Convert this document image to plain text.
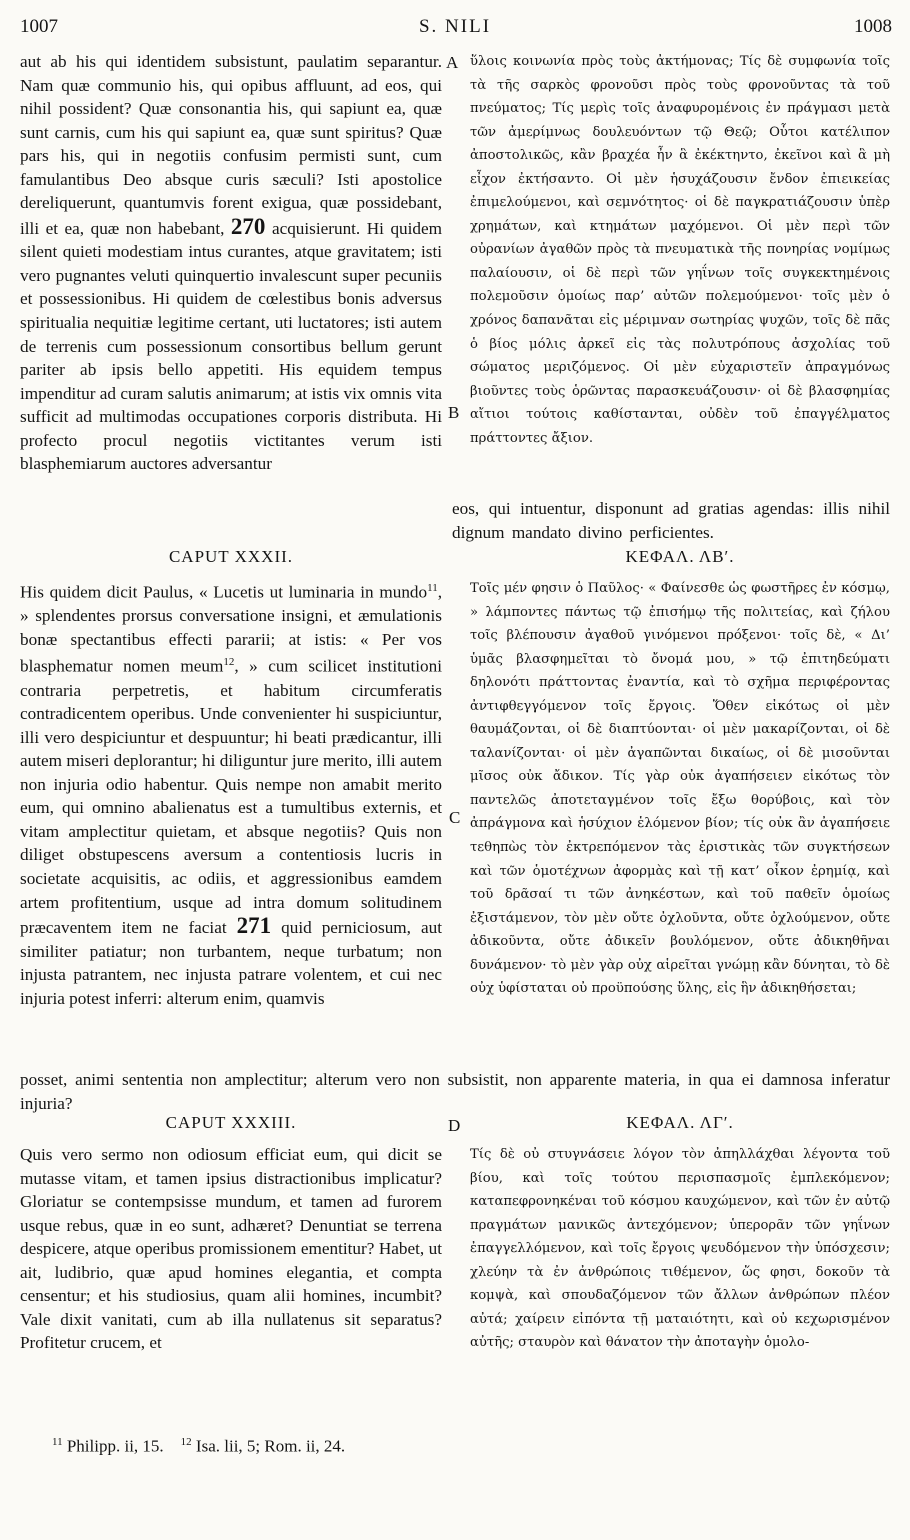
1007	S. NILI	1008
aut ab his qui identidem subsistunt, paulatim separantur. Nam quæ communio his, qui opibus affluunt, ad eos, qui nihil possident? Quæ consonantia his, qui sapiunt ea, quæ sunt carnis, cum his qui sapiunt ea, quæ sunt spiritus? Quæ pars his, qui in negotiis confusim permisti sunt, cum famulantibus Deo absque curis sæculi? Isti apostolice dereliquerunt, quantumvis forent exigua, quæ possidebant, illi et ea, quæ non habebant, 270 acquisierunt. Hi quidem silent quieti modestiam intus curantes, atque gravitatem; isti vero pugnantes veluti quinquertio invalescunt super pecuniis et possessionibus. Hi quidem de cœlestibus bonis adversus spiritualia nequitiæ legitime certant, uti luctatores; isti autem de terrenis cum possessionum consortibus bellum gerunt pariter ab ipsis bello appetiti. His equidem tempus impenditur ad curam salutis animarum; at istis vix omnis vita sufficit ad multimodas occupationes corporis distributa. Hi profecto procul negotiis victitantes verum isti blasphemiarum auctores adversantur
ὕλοις κοινωνία πρὸς τοὺς ἀκτήμονας; Τίς δὲ συμφωνία τοῖς τὰ τῆς σαρκὸς φρονοῦσι πρὸς τοὺς φρονοῦντας τὰ τοῦ πνεύματος; Τίς μερὶς τοῖς ἀναφυρομένοις ἐν πράγμασι μετὰ τῶν ἀμερίμνως δουλευόντων τῷ Θεῷ; Οὗτοι κατέλιπον ἀποστολικῶς, κἂν βραχέα ἦν ἃ ἐκέκτηντο, ἐκεῖνοι καὶ ἃ μὴ εἶχον ἐκτήσαντο. Οἱ μὲν ἡσυχάζουσιν ἔνδον ἐπιεικείας ἐπιμελούμενοι, καὶ σεμνότητος· οἱ δὲ παγκρατιάζουσιν ὑπὲρ χρημάτων, καὶ κτημάτων μαχόμενοι. Οἱ μὲν περὶ τῶν οὐρανίων ἀγαθῶν πρὸς τὰ πνευματικὰ τῆς πονηρίας νομίμως παλαίουσιν, οἱ δὲ περὶ τῶν γηΐνων τοῖς συγκεκτημένοις πολεμοῦσιν ὁμοίως παρ’ αὐτῶν πολεμούμενοι· τοῖς μὲν ὁ χρόνος δαπανᾶται εἰς μέριμναν σωτηρίας ψυχῶν, τοῖς δὲ πᾶς ὁ βίος μόλις ἀρκεῖ εἰς τὰς πολυτρόπους ἀσχολίας τοῦ σώματος μεριζόμενος. Οἱ μὲν εὐχαριστεῖν ἀπραγμόνως βιοῦντες τοὺς ὁρῶντας παρασκευάζουσιν· οἱ δὲ βλασφημίας αἴτιοι τούτοις καθίστανται, οὐδὲν τοῦ ἐπαγγέλματος πράττοντες ἄξιον.
eos, qui intuentur, disponunt ad gratias agendas: illis nihil dignum mandato divino perficientes.
CAPUT XXXII.	ΚΕΦΑΛ. ΛΒʹ.
His quidem dicit Paulus, « Lucetis ut luminaria in mundo$^{11}$, » splendentes prorsus conversatione insigni, et æmulationis bonæ spectantibus effecti pararii; at istis: « Per vos blasphematur nomen meum$^{12}$, » cum scilicet institutioni contraria perpetretis, et habitum circumferatis contradicentem operibus. Unde convenienter hi suspiciuntur, illi vero despiciuntur et despuuntur; hi beati prædicantur, illi autem miseri deplorantur; hi diliguntur jure merito, illi autem non injuria odio habentur. Quis nempe non amabit merito eum, qui omnino abalienatus est a tumultibus externis, et vitam amplectitur quietam, et absque negotiis? Quis non diliget obstupescens aversum a contentiosis lucris in societate acquisitis, ac odiis, et aggressionibus eamdem artem profitentium, usque ad intra domum solitudinem præcaventem item ne faciat 271 quid perniciosum, aut similiter patiatur; non turbantem, neque turbatum; non injusta patrantem, nec injusta patrare volentem, et cui nec injuria potest inferri: alterum enim, quamvis
Τοῖς μέν φησιν ὁ Παῦλος· « Φαίνεσθε ὡς φωστῆρες ἐν κόσμῳ, » λάμποντες πάντως τῷ ἐπισήμῳ τῆς πολιτείας, καὶ ζήλου τοῖς βλέπουσιν ἀγαθοῦ γινόμενοι πρόξενοι· τοῖς δὲ, « Δι’ ὑμᾶς βλασφημεῖται τὸ ὄνομά μου, » τῷ ἐπιτηδεύματι δηλονότι πράττοντας ἐναντία, καὶ τὸ σχῆμα περιφέροντας ἀντιφθεγγόμενον τοῖς ἔργοις. Ὅθεν εἰκότως οἱ μὲν θαυμάζονται, οἱ δὲ διαπτύονται· οἱ μὲν μακαρίζονται, οἱ δὲ ταλανίζονται· οἱ μὲν ἀγαπῶνται δικαίως, οἱ δὲ μισοῦνται μῖσος οὐκ ἄδικον. Τίς γὰρ οὐκ ἀγαπήσειεν εἰκότως τὸν παντελῶς ἀποτεταγμένον τοῖς ἔξω θορύβοις, καὶ τὸν ἀπράγμονα καὶ ἡσύχιον ἑλόμενον βίον; τίς οὐκ ἂν ἀγαπήσειε τεθηπὼς τὸν ἐκτρεπόμενον τὰς ἐριστικὰς τῶν συγκτήσεων καὶ τῶν ὁμοτέχνων ἀφορμὰς καὶ τῇ κατ’ οἶκον ἐρημίᾳ, καὶ τοῦ δρᾶσαί τι τῶν ἀνηκέστων, καὶ τοῦ παθεῖν ὁμοίως ἐξιστάμενον, τὸν μὲν οὔτε ὀχλοῦντα, οὔτε ὀχλούμενον, οὔτε ἀδικοῦντα, οὔτε ἀδικεῖν βουλόμενον, οὔτε ἀδικηθῆναι δυνάμενον· τὸ μὲν γὰρ οὐχ αἱρεῖται γνώμῃ κἂν δύνηται, τὸ δὲ οὐχ ὑφίσταται οὐ προϋπούσης ὕλης, εἰς ἣν ἀδικηθήσεται;
posset, animi sententia non amplectitur; alterum vero non subsistit, non apparente materia, in qua ei damnosa inferatur injuria?
CAPUT XXXIII.	ΚΕΦΑΛ. ΛΓʹ.
Quis vero sermo non odiosum efficiat eum, qui dicit se mutasse vitam, et tamen ipsius distractionibus implicatur? Gloriatur se contempsisse mundum, et tamen ad furorem usque rebus, quæ in eo sunt, adhæret? Denuntiat se terrena despicere, atque operibus promissionem ementitur? Habet, ut ait, ludibrio, quæ apud homines elegantia, et compta censentur; et his studiosius, quam alii homines, incumbit? Vale dixit vanitati, cum ab illa nullatenus sit separatus? Profitetur crucem, et
Τίς δὲ οὐ στυγνάσειε λόγον τὸν ἀπηλλάχθαι λέγοντα τοῦ βίου, καὶ τοῖς τούτου περισπασμοῖς ἐμπλεκόμενον; καταπεφρονηκέναι τοῦ κόσμου καυχώμενον, καὶ τῶν ἐν αὐτῷ πραγμάτων μανικῶς ἀντεχόμενον; ὑπερορᾶν τῶν γηΐνων ἐπαγγελλόμενον, καὶ τοῖς ἔργοις ψευδόμενον τὴν ὑπόσχεσιν; χλεύην τὰ ἐν ἀνθρώποις τιθέμενον, ὥς φησι, δοκοῦν τὰ κομψὰ, καὶ σπουδαζόμενον τῶν ἄλλων ἀνθρώπων πλέον αὐτά; χαίρειν εἰπόντα τῇ ματαιότητι, καὶ οὐ κεχωρισμένον αὐτῆς; σταυρὸν καὶ θάνατον τὴν ἀποταγὴν ὁμολο-
A
B
C
D
$^{11}$ Philipp. ii, 15. $^{12}$ Isa. lii, 5; Rom. ii, 24.
